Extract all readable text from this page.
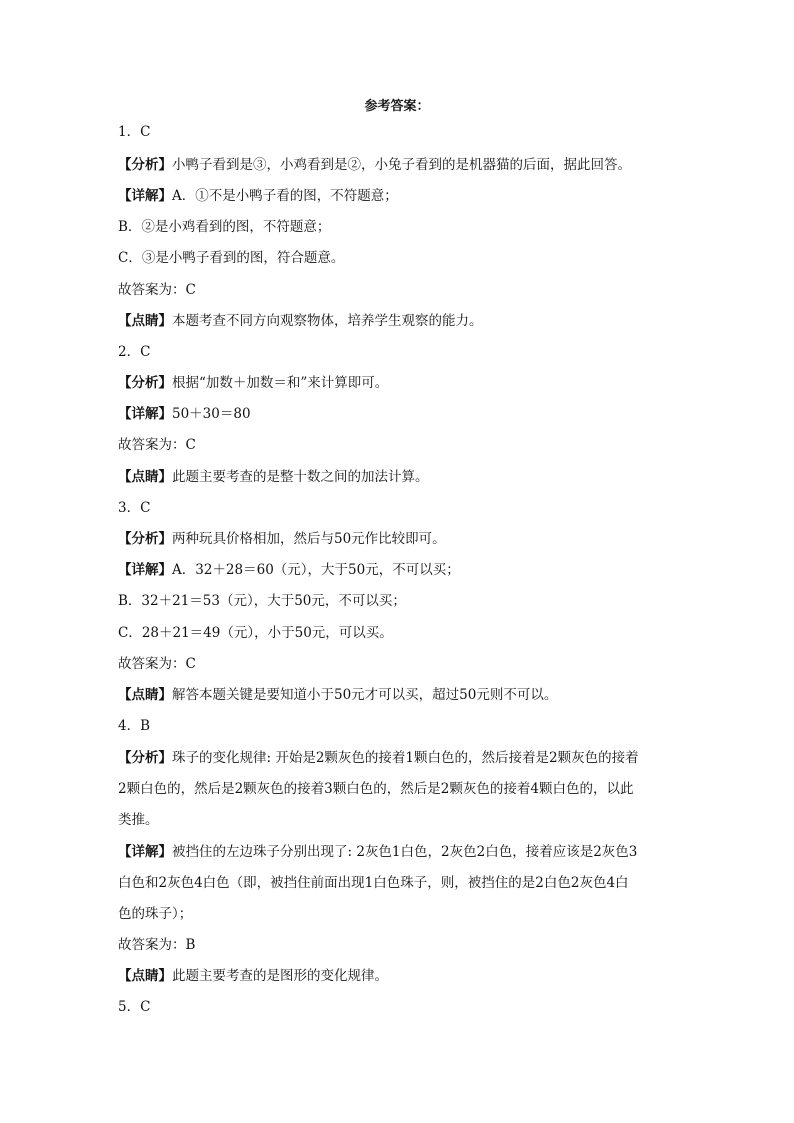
参考答案：
1．C
【分析】小鸭子看到是③，小鸡看到是②，小兔子看到的是机器猫的后面，据此回答。
【详解】A．①不是小鸭子看的图，不符题意；
B．②是小鸡看到的图，不符题意；
C．③是小鸭子看到的图，符合题意。
故答案为：C
【点睛】本题考查不同方向观察物体，培养学生观察的能力。
2．C
【分析】根据“加数＋加数＝和”来计算即可。
【详解】50＋30＝80
故答案为：C
【点睛】此题主要考查的是整十数之间的加法计算。
3．C
【分析】两种玩具价格相加，然后与50元作比较即可。
【详解】A．32＋28＝60（元），大于50元，不可以买；
B．32＋21＝53（元），大于50元，不可以买；
C．28＋21＝49（元），小于50元，可以买。
故答案为：C
【点睛】解答本题关键是要知道小于50元才可以买，超过50元则不可以。
4．B
【分析】珠子的变化规律: 开始是2颗灰色的接着1颗白色的，然后接着是2颗灰色的接着
2颗白色的，然后是2颗灰色的接着3颗白色的，然后是2颗灰色的接着4颗白色的，以此
类推。
【详解】被挡住的左边珠子分别出现了: 2灰色1白色，2灰色2白色，接着应该是2灰色3
白色和2灰色4白色（即，被挡住前面出现1白色珠子，则，被挡住的是2白色2灰色4白
色的珠子）；
故答案为：B
【点睛】此题主要考查的是图形的变化规律。
5．C
